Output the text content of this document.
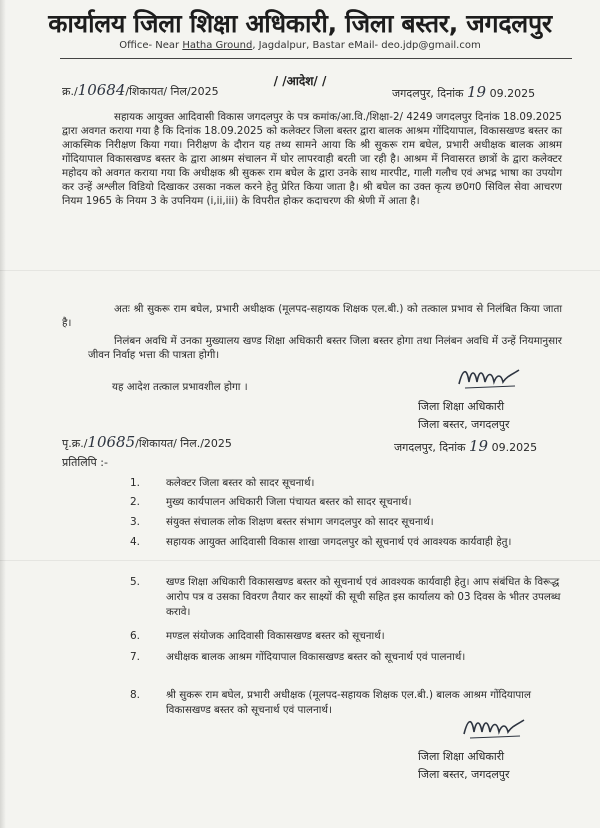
कार्यालय जिला शिक्षा अधिकारी, जिला बस्तर, जगदलपुर
Office- Near Hatha Ground, Jagdalpur, Bastar eMail- deo.jdp@gmail.com
/ /आदेश/ /
क्र./10684/शिकायत/ निल/2025	जगदलपुर, दिनांक 19 09.2025
सहायक आयुक्त आदिवासी विकास जगदलपुर के पत्र कमांक/आ.वि./शिक्षा-2/ 4249 जगदलपुर दिनांक 18.09.2025 द्वारा अवगत कराया गया है कि दिनांक 18.09.2025 को कलेक्टर जिला बस्तर द्वारा बालक आश्रम गोंदियापाल, विकासखण्ड बस्तर का आकस्मिक निरीक्षण किया गया। निरीक्षण के दौरान यह तथ्य सामने आया कि श्री सुकरू राम बघेल, प्रभारी अधीक्षक बालक आश्रम गोंदियापाल विकासखण्ड बस्तर के द्वारा आश्रम संचालन में घोर लापरवाही बरती जा रही है। आश्रम में निवासरत छात्रों के द्वारा कलेक्टर महोदय को अवगत कराया गया कि अधीक्षक श्री सुकरू राम बघेल के द्वारा उनके साथ मारपीट, गाली गलौच एवं अभद्र भाषा का उपयोग कर उन्हें अश्लील विडियो दिखाकर उसका नकल करने हेतु प्रेरित किया जाता है। श्री बघेल का उक्त कृत्य छ0ग0 सिविल सेवा आचरण नियम 1965 के नियम 3 के उपनियम (i,ii,iii) के विपरीत होकर कदाचरण की श्रेणी में आता है।
अतः श्री सुकरू राम बघेल, प्रभारी अधीक्षक (मूलपद-सहायक शिक्षक एल.बी.) को तत्काल प्रभाव से निलंबित किया जाता है।
निलंबन अवधि में उनका मुख्यालय खण्ड शिक्षा अधिकारी बस्तर जिला बस्तर होगा तथा निलंबन अवधि में उन्हें नियमानुसार जीवन निर्वाह भत्ता की पात्रता होगी।
यह आदेश तत्काल प्रभावशील होगा ।
जिला शिक्षा अधिकारी
जिला बस्तर, जगदलपुर
पृ.क्र./10685/शिकायत/ निल./2025	जगदलपुर, दिनांक 19 09.2025
प्रतिलिपि :-
1.	कलेक्टर जिला बस्तर को सादर सूचनार्थ।
2.	मुख्य कार्यपालन अधिकारी जिला पंचायत बस्तर को सादर सूचनार्थ।
3.	संयुक्त संचालक लोक शिक्षण बस्तर संभाग जगदलपुर को सादर सूचनार्थ।
4.	सहायक आयुक्त आदिवासी विकास शाखा जगदलपुर को सूचनार्थ एवं आवश्यक कार्यवाही हेतु।
5.	खण्ड शिक्षा अधिकारी विकासखण्ड बस्तर को सूचनार्थ एवं आवश्यक कार्यवाही हेतु। आप संबंधित के विरूद्ध आरोप पत्र व उसका विवरण तैयार कर साक्ष्यों की सूची सहित इस कार्यालय को 03 दिवस के भीतर उपलब्ध करावे।
6.	मण्डल संयोजक आदिवासी विकासखण्ड बस्तर को सूचनार्थ।
7.	अधीक्षक बालक आश्रम गोंदियापाल विकासखण्ड बस्तर को सूचनार्थ एवं पालनार्थ।
8.	श्री सुकरू राम बघेल, प्रभारी अधीक्षक (मूलपद-सहायक शिक्षक एल.बी.) बालक आश्रम गोंदियापाल विकासखण्ड बस्तर को सूचनार्थ एवं पालनार्थ।
जिला शिक्षा अधिकारी
जिला बस्तर, जगदलपुर
